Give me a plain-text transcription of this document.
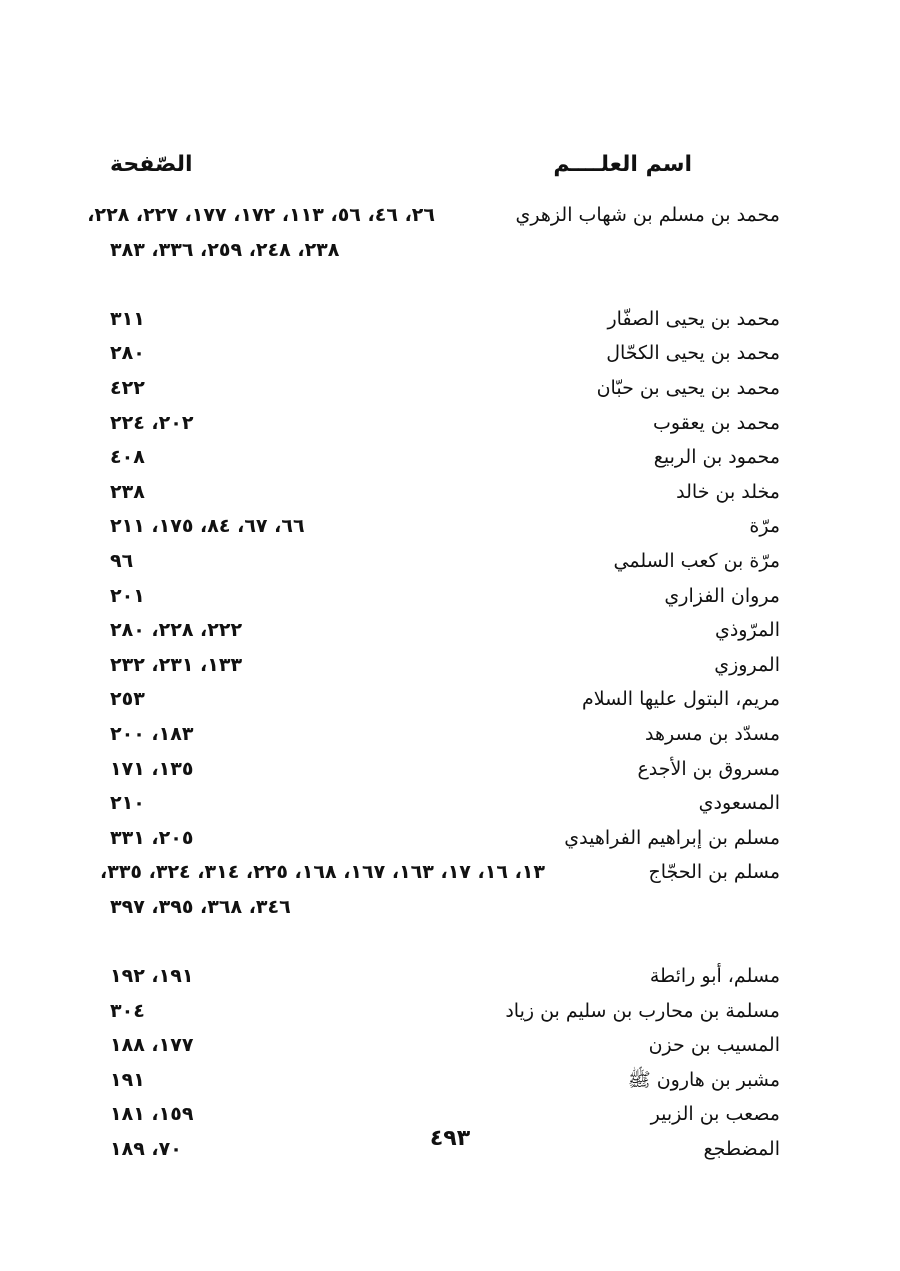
اسم العلــــم
الصّفحة
محمد بن مسلم بن شهاب الزهري
٢٦، ٤٦، ٥٦، ١١٣، ١٧٢، ١٧٧، ٢٢٧، ٢٢٨،
٢٣٨، ٢٤٨، ٢٥٩، ٣٣٦، ٣٨٣
محمد بن يحيى الصفّار
٣١١
محمد بن يحيى الكحّال
٢٨٠
محمد بن يحيى بن حبّان
٤٢٢
محمد بن يعقوب
٢٠٢، ٢٢٤
محمود بن الربيع
٤٠٨
مخلد بن خالد
٢٣٨
مرّة
٦٦، ٦٧، ٨٤، ١٧٥، ٢١١
مرّة بن كعب السلمي
٩٦
مروان الفزاري
٢٠١
المرّوذي
٢٢٢، ٢٢٨، ٢٨٠
المروزي
١٣٣، ٢٣١، ٢٣٢
مريم، البتول عليها السلام
٢٥٣
مسدّد بن مسرهد
١٨٣، ٢٠٠
مسروق بن الأجدع
١٣٥، ١٧١
المسعودي
٢١٠
مسلم بن إبراهيم الفراهيدي
٢٠٥، ٣٣١
مسلم بن الحجّاج
١٣، ١٦، ١٧، ١٦٣، ١٦٧، ١٦٨، ٢٢٥، ٣١٤، ٣٢٤، ٣٣٥،
٣٤٦، ٣٦٨، ٣٩٥، ٣٩٧
مسلم، أبو رائطة
١٩١، ١٩٢
مسلمة بن محارب بن سليم بن زياد
٣٠٤
المسيب بن حزن
١٧٧، ١٨٨
مشبر بن هارون ﷺ
١٩١
مصعب بن الزبير
١٥٩، ١٨١
المضطجع
٧٠، ١٨٩	٤٩٣
